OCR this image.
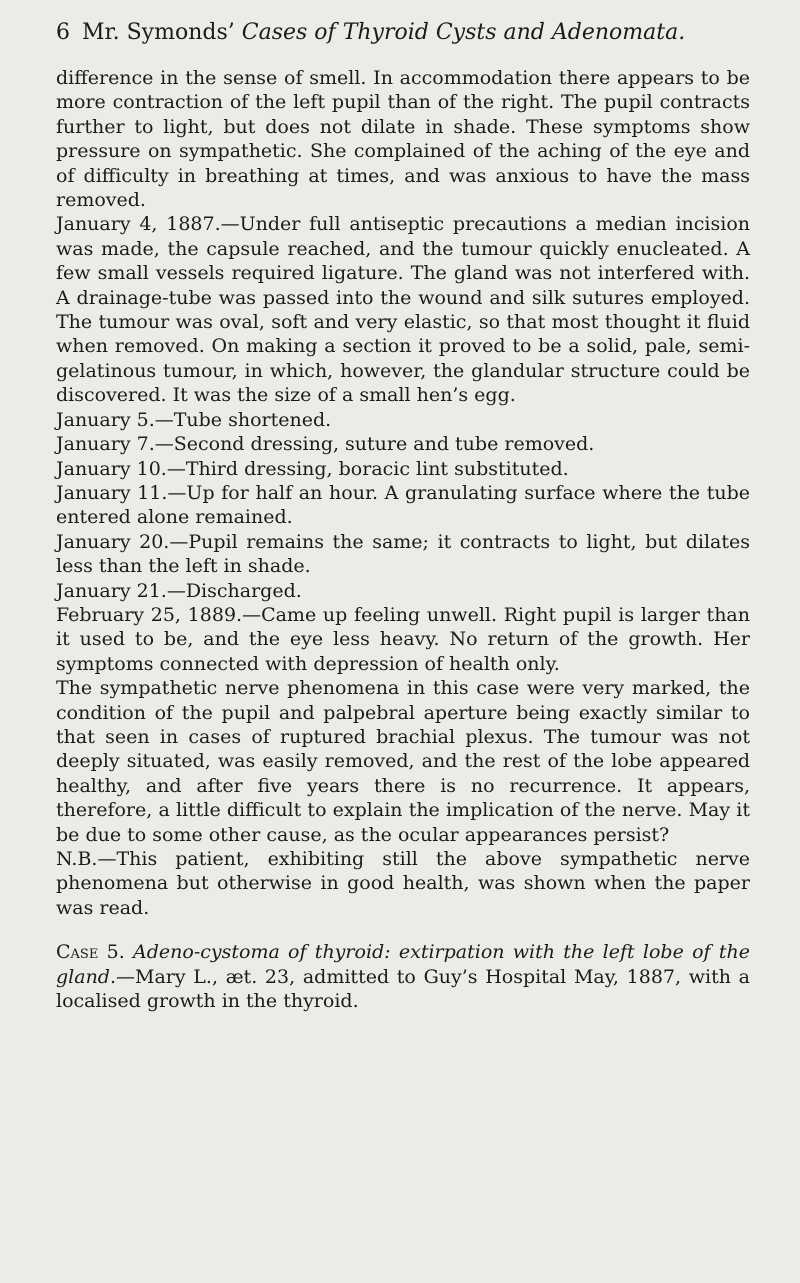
6 Mr. Symonds’ Cases of Thyroid Cysts and Adenomata.

difference in the sense of smell. In accommodation there appears to be more contraction of the left pupil than of the right. The pupil contracts further to light, but does not dilate in shade. These symptoms show pressure on sympathetic. She complained of the aching of the eye and of difficulty in breathing at times, and was anxious to have the mass removed.

January 4, 1887.—Under full antiseptic precautions a median incision was made, the capsule reached, and the tumour quickly enucleated. A few small vessels required ligature. The gland was not interfered with. A drainage-tube was passed into the wound and silk sutures employed. The tumour was oval, soft and very elastic, so that most thought it fluid when removed. On making a section it proved to be a solid, pale, semi-gelatinous tumour, in which, however, the glandular structure could be discovered. It was the size of a small hen’s egg.

January 5.—Tube shortened.

January 7.—Second dressing, suture and tube removed.

January 10.—Third dressing, boracic lint substituted.

January 11.—Up for half an hour. A granulating surface where the tube entered alone remained.

January 20.—Pupil remains the same; it contracts to light, but dilates less than the left in shade.

January 21.—Discharged.

February 25, 1889.—Came up feeling unwell. Right pupil is larger than it used to be, and the eye less heavy. No return of the growth. Her symptoms connected with depression of health only.

The sympathetic nerve phenomena in this case were very marked, the condition of the pupil and palpebral aperture being exactly similar to that seen in cases of ruptured brachial plexus. The tumour was not deeply situated, was easily removed, and the rest of the lobe appeared healthy, and after five years there is no recurrence. It appears, therefore, a little difficult to explain the implication of the nerve. May it be due to some other cause, as the ocular appearances persist?

N.B.—This patient, exhibiting still the above sympathetic nerve phenomena but otherwise in good health, was shown when the paper was read.

Case 5. Adeno-cystoma of thyroid: extirpation with the left lobe of the gland.—Mary L., æt. 23, admitted to Guy’s Hospital May, 1887, with a localised growth in the thyroid.
